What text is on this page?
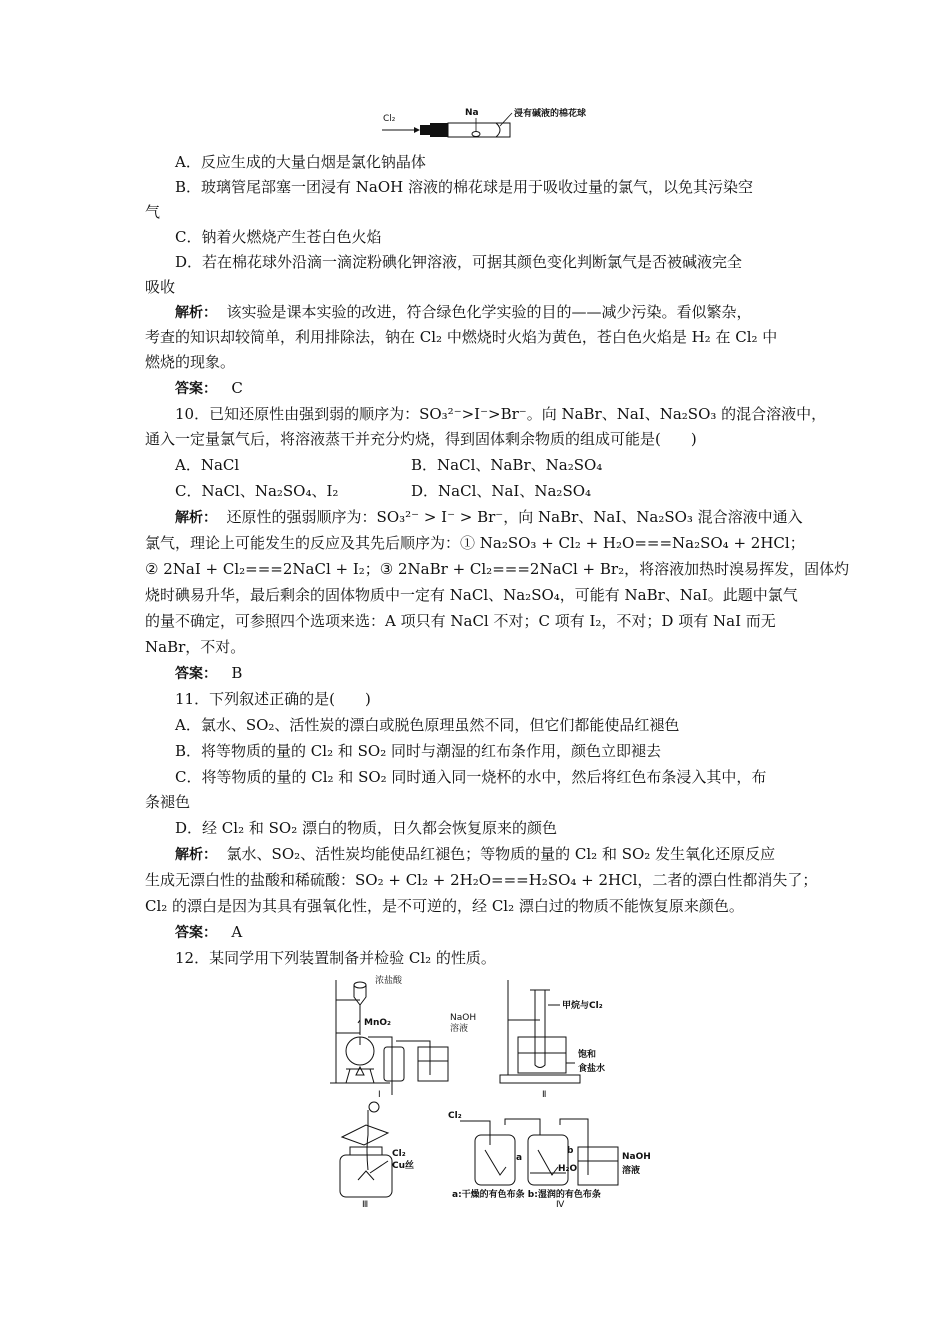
Cl₂
Na	浸有碱液的棉花球
A．反应生成的大量白烟是氯化钠晶体
B．玻璃管尾部塞一团浸有 NaOH 溶液的棉花球是用于吸收过量的氯气，以免其污染空
气
C．钠着火燃烧产生苍白色火焰
D．若在棉花球外沿滴一滴淀粉碘化钾溶液，可据其颜色变化判断氯气是否被碱液完全
吸收
解析： 该实验是课本实验的改进，符合绿色化学实验的目的——减少污染。看似繁杂，
考查的知识却较简单，利用排除法，钠在 Cl₂ 中燃烧时火焰为黄色，苍白色火焰是 H₂ 在 Cl₂ 中
燃烧的现象。
答案： C
10．已知还原性由强到弱的顺序为：SO₃²⁻>I⁻>Br⁻。向 NaBr、NaI、Na₂SO₃ 的混合溶液中，
通入一定量氯气后，将溶液蒸干并充分灼烧，得到固体剩余物质的组成可能是(　　)
A．NaCl	B．NaCl、NaBr、Na₂SO₄
C．NaCl、Na₂SO₄、I₂	D．NaCl、NaI、Na₂SO₄
解析： 还原性的强弱顺序为：SO₃²⁻ > I⁻ > Br⁻，向 NaBr、NaI、Na₂SO₃ 混合溶液中通入
氯气，理论上可能发生的反应及其先后顺序为：① Na₂SO₃ + Cl₂ + H₂O===Na₂SO₄ + 2HCl；
② 2NaI + Cl₂===2NaCl + I₂；③ 2NaBr + Cl₂===2NaCl + Br₂，将溶液加热时溴易挥发，固体灼
烧时碘易升华，最后剩余的固体物质中一定有 NaCl、Na₂SO₄，可能有 NaBr、NaI。此题中氯气
的量不确定，可参照四个选项来选：A 项只有 NaCl 不对；C 项有 I₂，不对；D 项有 NaI 而无
NaBr，不对。
答案： B
11．下列叙述正确的是(　　)
A．氯水、SO₂、活性炭的漂白或脱色原理虽然不同，但它们都能使品红褪色
B．将等物质的量的 Cl₂ 和 SO₂ 同时与潮湿的红布条作用，颜色立即褪去
C．将等物质的量的 Cl₂ 和 SO₂ 同时通入同一烧杯的水中，然后将红色布条浸入其中，布
条褪色
D．经 Cl₂ 和 SO₂ 漂白的物质，日久都会恢复原来的颜色
解析： 氯水、SO₂、活性炭均能使品红褪色；等物质的量的 Cl₂ 和 SO₂ 发生氧化还原反应
生成无漂白性的盐酸和稀硫酸：SO₂ + Cl₂ + 2H₂O===H₂SO₄ + 2HCl，二者的漂白性都消失了；
Cl₂ 的漂白是因为其具有强氧化性，是不可逆的，经 Cl₂ 漂白过的物质不能恢复原来颜色。
答案： A
12．某同学用下列装置制备并检验 Cl₂ 的性质。
浓盐酸
MnO₂	NaOH
溶液
Ⅰ
甲烷与Cl₂
饱和
食盐水
Ⅱ
Cl₂
Cu丝
Ⅲ
Cl₂
a
b
H₂O
NaOH
溶液
a:干燥的有色布条 b:湿润的有色布条
Ⅳ
